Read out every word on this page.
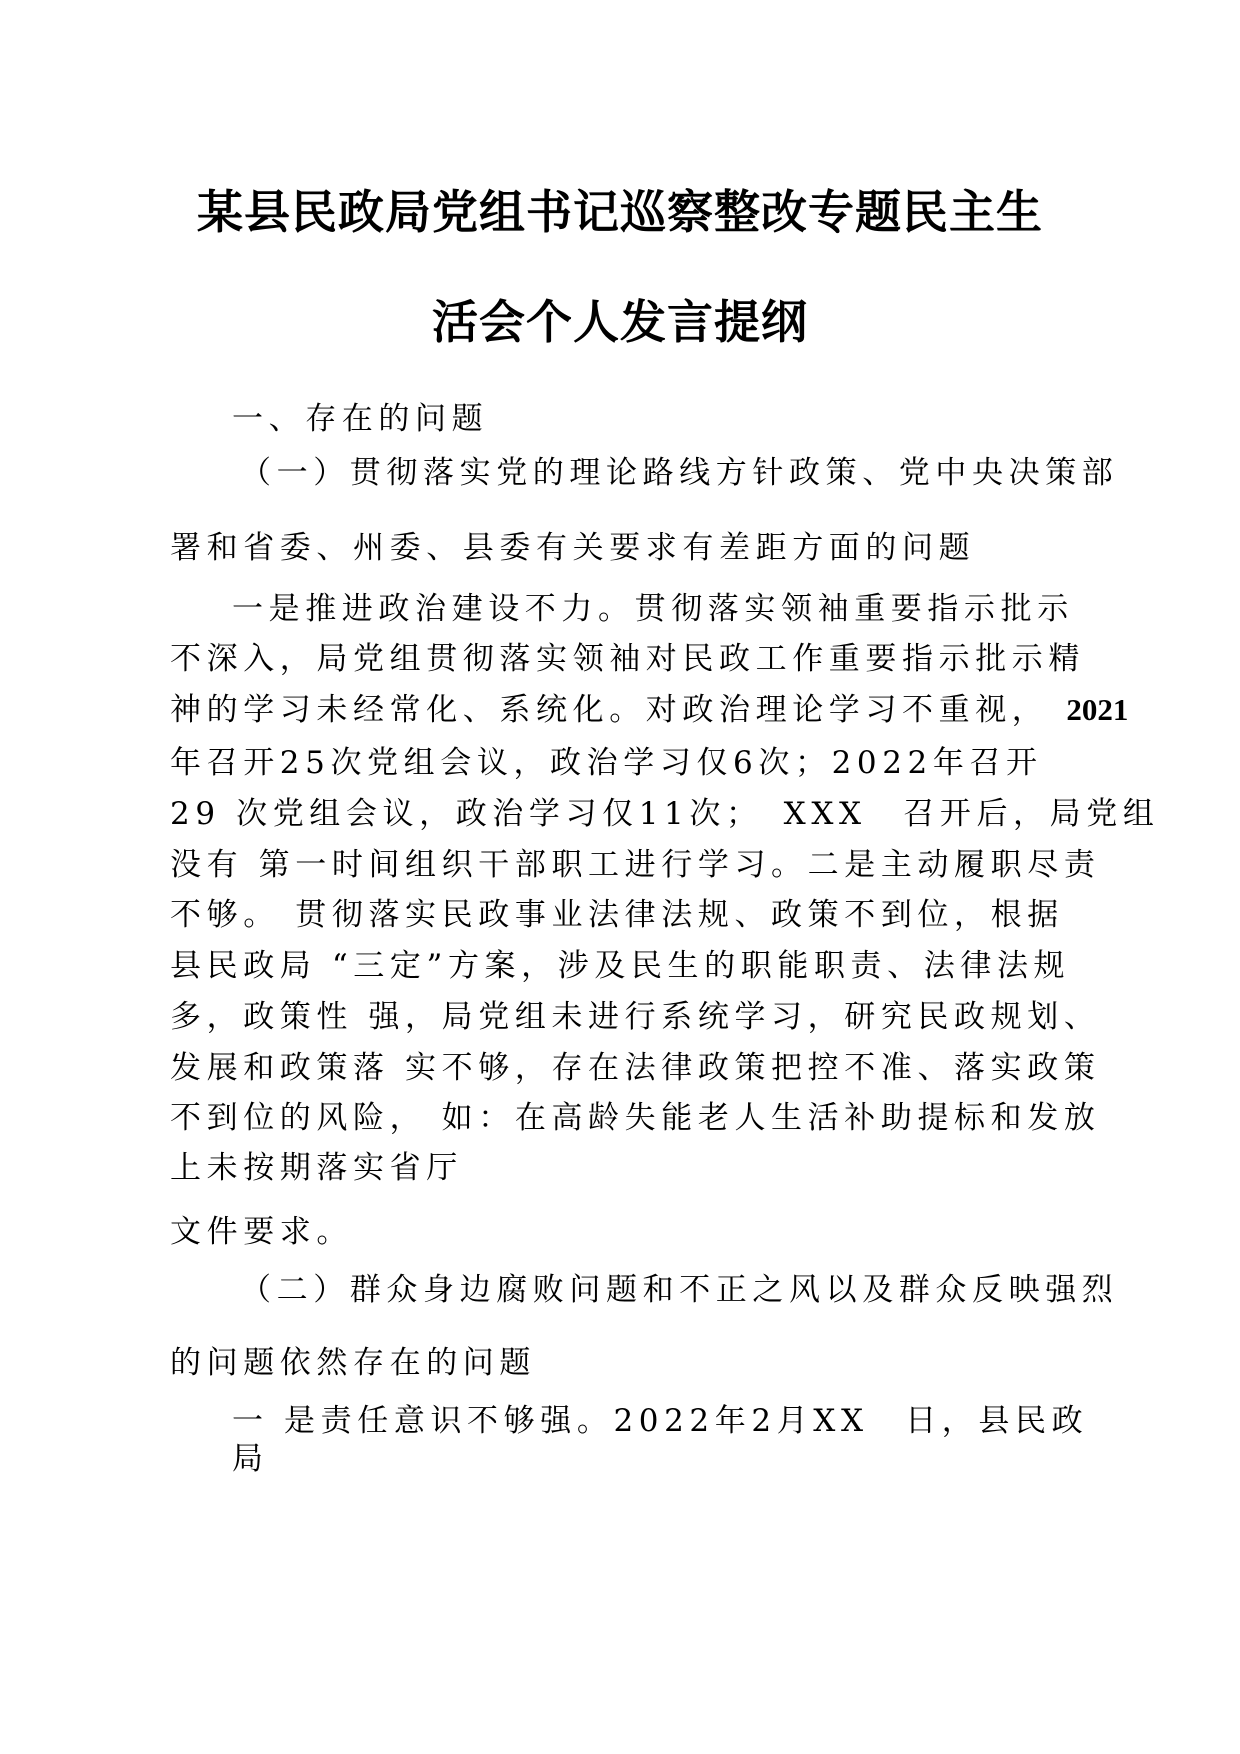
某县民政局党组书记巡察整改专题民主生
活会个人发言提纲
一、存在的问题
（一）贯彻落实党的理论路线方针政策、党中央决策部
署和省委、州委、县委有关要求有差距方面的问题
一是推进政治建设不力。贯彻落实领袖重要指示批示
不深入，局党组贯彻落实领袖对民政工作重要指示批示精
神的学习未经常化、系统化。对政治理论学习不重视， 2021
年召开25次党组会议，政治学习仅6次；2022年召开
29 次党组会议，政治学习仅11次；　XXX　召开后，局党组
没有 第一时间组织干部职工进行学习。二是主动履职尽责
不够。 贯彻落实民政事业法律法规、政策不到位，根据
县民政局 “三定”方案，涉及民生的职能职责、法律法规
多，政策性 强，局党组未进行系统学习，研究民政规划、
发展和政策落 实不够，存在法律政策把控不准、落实政策
不到位的风险， 如：在高龄失能老人生活补助提标和发放
上未按期落实省厅
文件要求。
（二）群众身边腐败问题和不正之风以及群众反映强烈
的问题依然存在的问题
一 是责任意识不够强。2022年2月XX　日，县民政
局
